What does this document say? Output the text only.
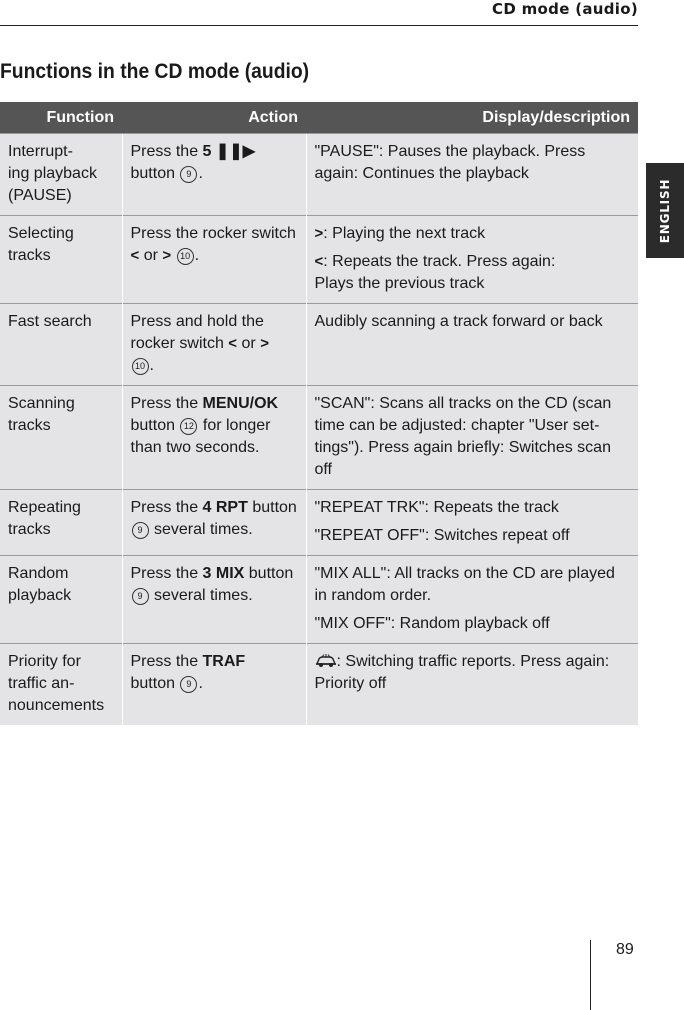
CD mode (audio)
ENGLISH
Functions in the CD mode (audio)
Function	Action	Display/description

Interrupt-
ing playback
(PAUSE)	Press the 5 ❚❚▶
button 9 .	"PAUSE": Pauses the playback. Press again: Continues the playback

Selecting
tracks	Press the rocker switch
< or > 10 .	>: Playing the next track
<: Repeats the track. Press again:
Plays the previous track

Fast search	Press and hold the
rocker switch < or >
10 .	Audibly scanning a track forward or back

Scanning
tracks	Press the MENU/OK
button 12 for longer
than two seconds.	"SCAN": Scans all tracks on the CD (scan time can be adjusted: chapter "User set-tings"). Press again briefly: Switches scan off

Repeating
tracks	Press the 4 RPT button
9 several times.	"REPEAT TRK": Repeats the track
"REPEAT OFF": Switches repeat off

Random
playback	Press the 3 MIX button
9 several times.	"MIX ALL": All tracks on the CD are played in random order.
"MIX OFF": Random playback off

Priority for
traffic an-
nouncements	Press the TRAF
button 9 .	: Switching traffic reports. Press again: Priority off
89
